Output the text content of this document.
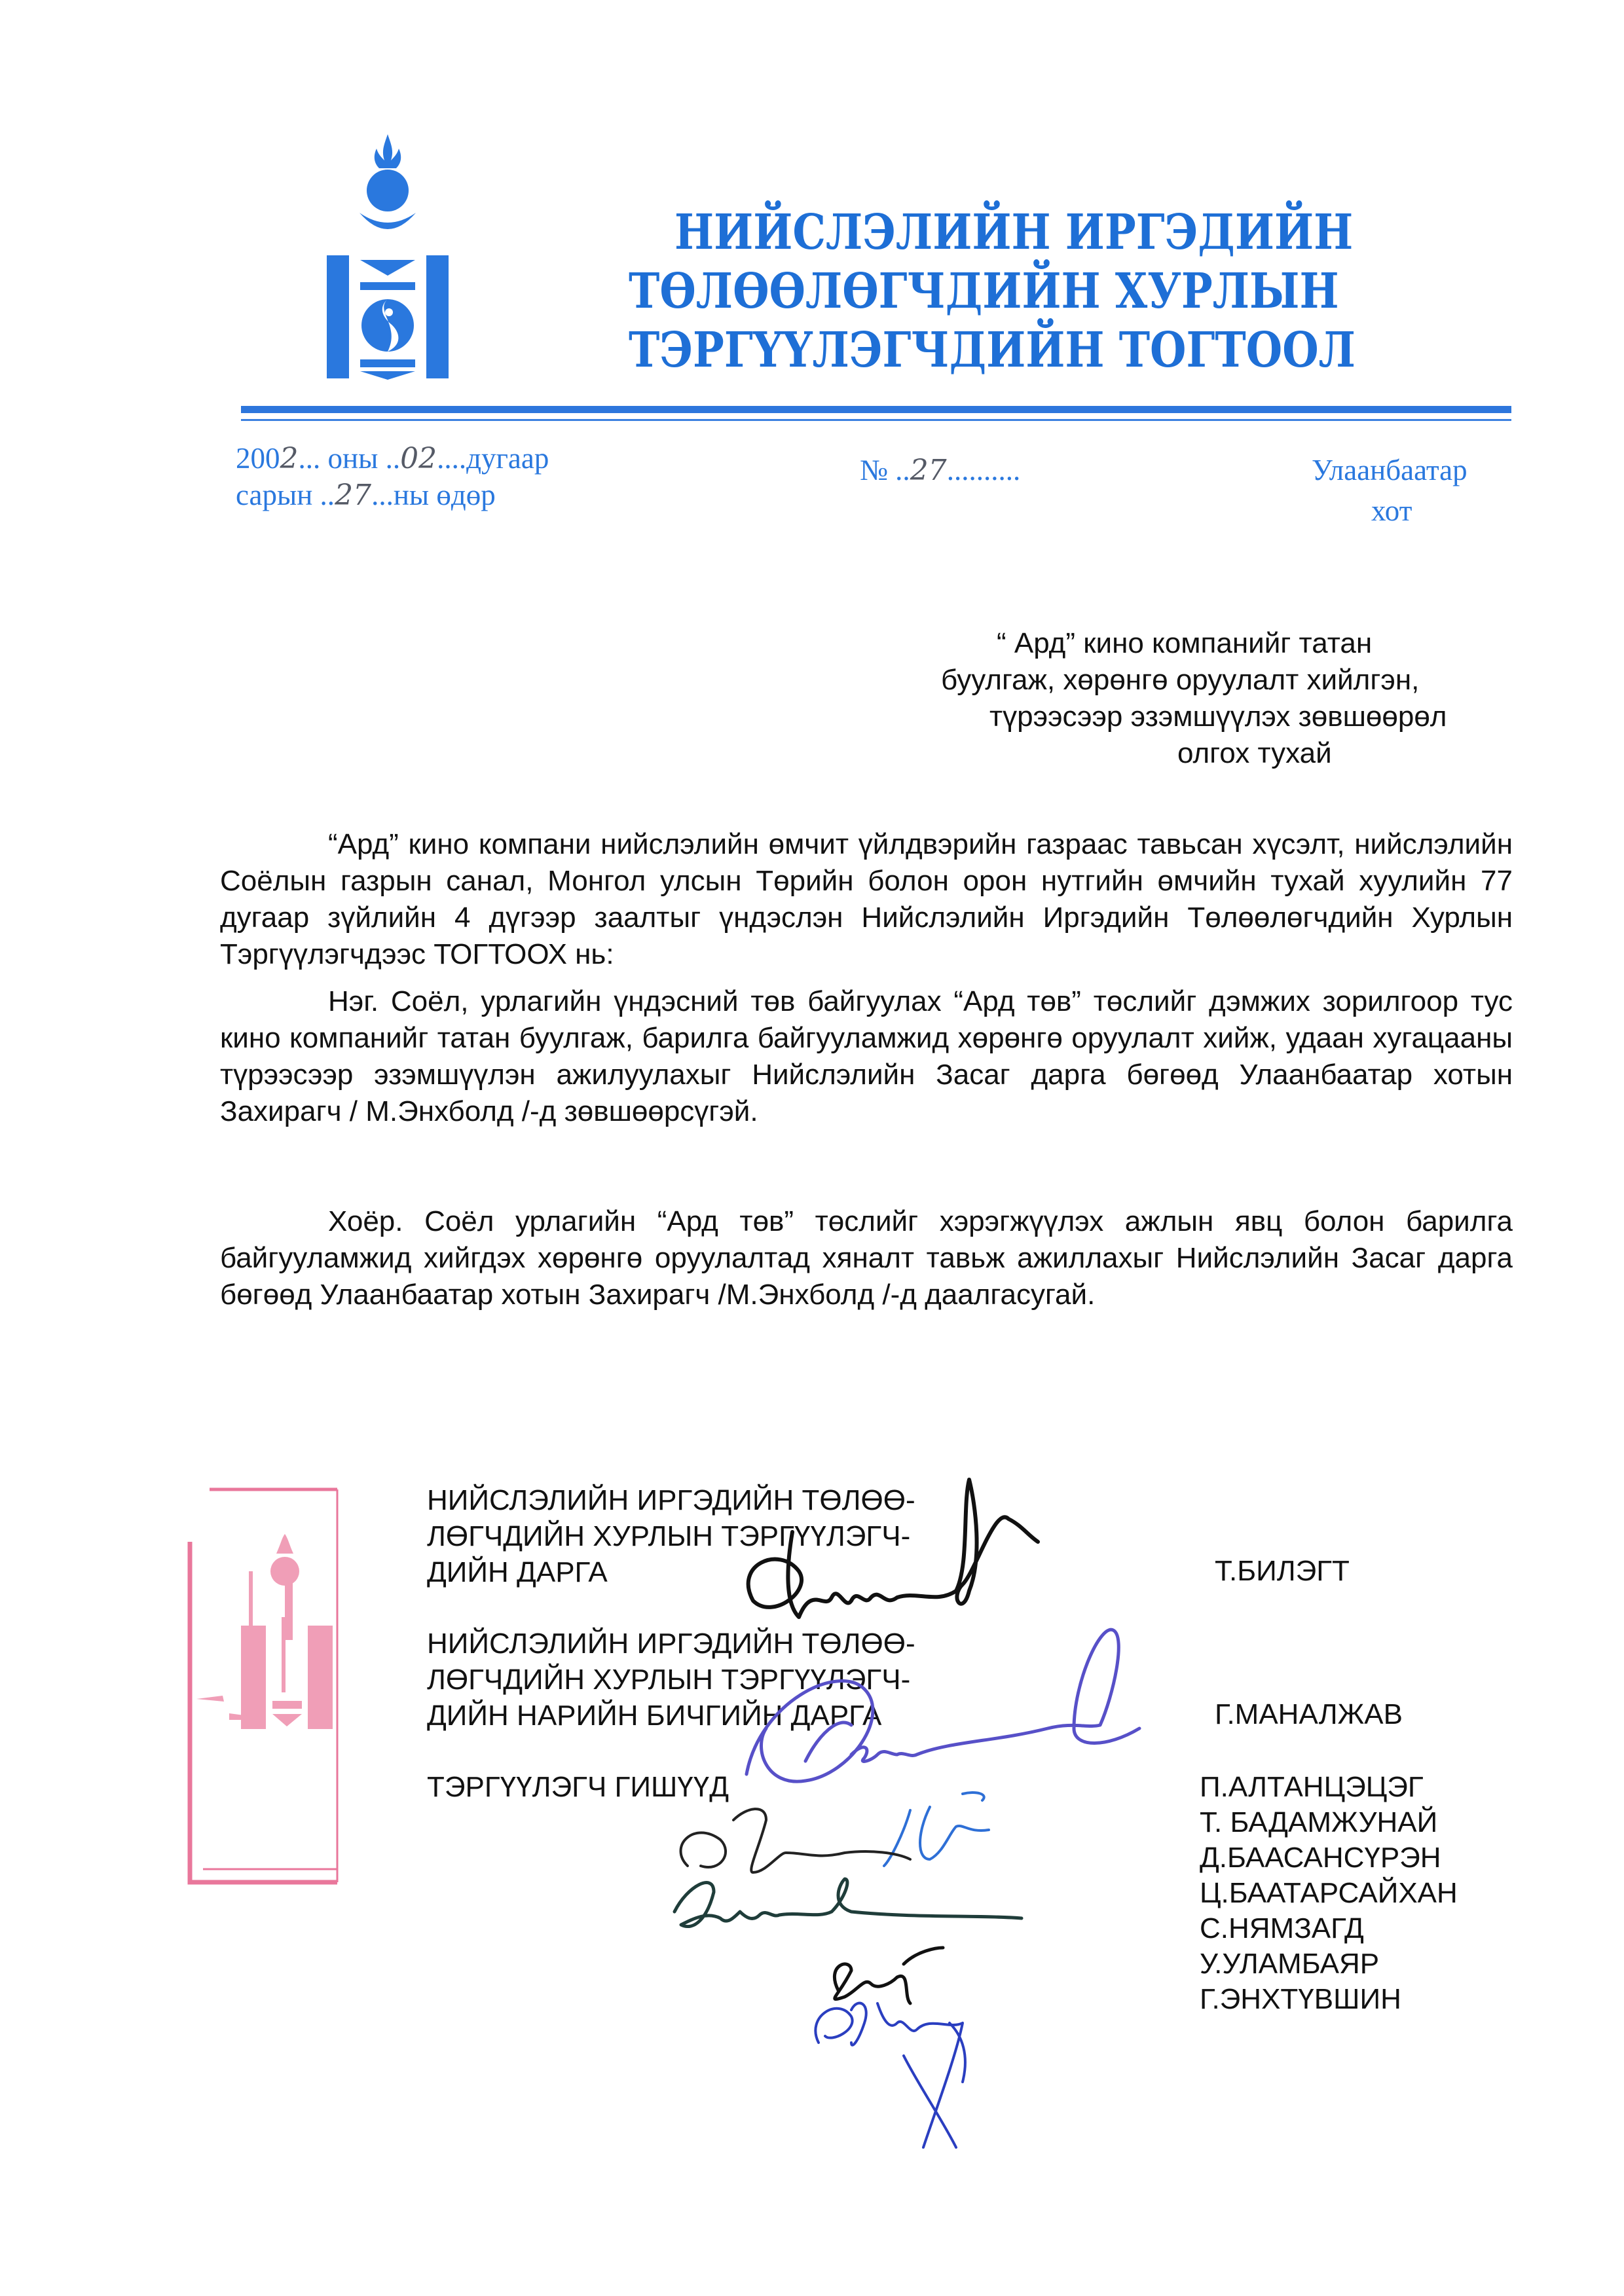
НИЙСЛЭЛИЙН ИРГЭДИЙН
ТӨЛӨӨЛӨГЧДИЙН ХУРЛЫН
ТЭРГҮҮЛЭГЧДИЙН ТОГТООЛ
2002... оны ..02....дугаар
сарын ..27...ны өдөр
№ ..27..........	Улаанбаатар
хот
“ Ард” кино компанийг татан
буулгаж, хөрөнгө оруулалт хийлгэн,
түрээсээр эзэмшүүлэх зөвшөөрөл
олгох тухай

“Ард” кино компани нийслэлийн өмчит үйлдвэрийн газраас тавьсан хүсэлт, нийслэлийн Соёлын газрын санал, Монгол улсын Төрийн болон орон нутгийн өмчийн тухай хуулийн 77 дугаар зүйлийн 4 дүгээр заалтыг үндэслэн Нийслэлийн Иргэдийн Төлөөлөгчдийн Хурлын Тэргүүлэгчдээс ТОГТООХ нь:

Нэг. Соёл, урлагийн үндэсний төв байгуулах “Ард төв” төслийг дэмжих зорилгоор тус кино компанийг татан буулгаж, барилга байгууламжид хөрөнгө оруулалт хийж, удаан хугацааны түрээсээр эзэмшүүлэн ажилуулахыг Нийслэлийн Засаг дарга бөгөөд Улаанбаатар хотын Захирагч / М.Энхболд /-д зөвшөөрсүгэй.

Хоёр. Соёл урлагийн “Ард төв” төслийг хэрэгжүүлэх ажлын явц болон барилга байгууламжид хийгдэх хөрөнгө оруулалтад хяналт тавьж ажиллахыг Нийслэлийн Засаг дарга бөгөөд Улаанбаатар хотын Захирагч /М.Энхболд /-д даалгасугай.

НИЙСЛЭЛИЙН ИРГЭДИЙН ТӨЛӨӨ-
ЛӨГЧДИЙН ХУРЛЫН ТЭРГҮҮЛЭГЧ-
ДИЙН ДАРГА
НИЙСЛЭЛИЙН ИРГЭДИЙН ТӨЛӨӨ-
ЛӨГЧДИЙН ХУРЛЫН ТЭРГҮҮЛЭГЧ-
ДИЙН НАРИЙН БИЧГИЙН ДАРГА
ТЭРГҮҮЛЭГЧ ГИШҮҮД
Т.БИЛЭГТ
Г.МАНАЛЖАВ
П.АЛТАНЦЭЦЭГ
Т. БАДАМЖУНАЙ
Д.БААСАНСҮРЭН
Ц.БААТАРСАЙХАН
С.НЯМЗАГД
У.УЛАМБАЯР
Г.ЭНХТҮВШИН
